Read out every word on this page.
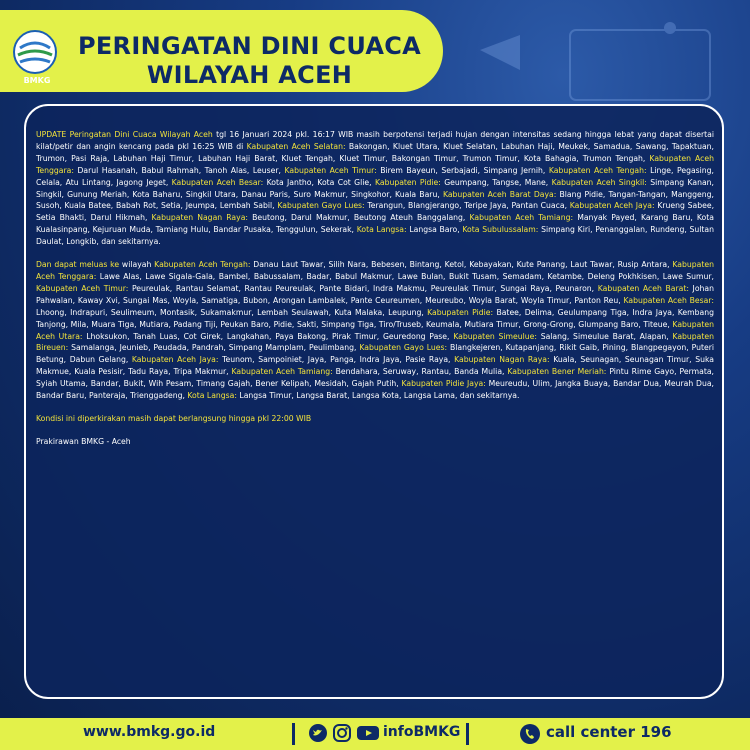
BMKG
PERINGATAN DINI CUACA
WILAYAH ACEH

UPDATE Peringatan Dini Cuaca Wilayah Aceh tgl 16 Januari 2024 pkl. 16:17 WIB masih berpotensi terjadi hujan dengan intensitas sedang hingga lebat yang dapat disertai kilat/petir dan angin kencang pada pkl 16:25 WIB di Kabupaten Aceh Selatan: Bakongan, Kluet Utara, Kluet Selatan, Labuhan Haji, Meukek, Samadua, Sawang, Tapaktuan, Trumon, Pasi Raja, Labuhan Haji Timur, Labuhan Haji Barat, Kluet Tengah, Kluet Timur, Bakongan Timur, Trumon Timur, Kota Bahagia, Trumon Tengah, Kabupaten Aceh Tenggara: Darul Hasanah, Babul Rahmah, Tanoh Alas, Leuser, Kabupaten Aceh Timur: Birem Bayeun, Serbajadi, Simpang Jernih, Kabupaten Aceh Tengah: Linge, Pegasing, Celala, Atu Lintang, Jagong Jeget, Kabupaten Aceh Besar: Kota Jantho, Kota Cot Glie, Kabupaten Pidie: Geumpang, Tangse, Mane, Kabupaten Aceh Singkil: Simpang Kanan, Singkil, Gunung Meriah, Kota Baharu, Singkil Utara, Danau Paris, Suro Makmur, Singkohor, Kuala Baru, Kabupaten Aceh Barat Daya: Blang Pidie, Tangan-Tangan, Manggeng, Susoh, Kuala Batee, Babah Rot, Setia, Jeumpa, Lembah Sabil, Kabupaten Gayo Lues: Terangun, Blangjerango, Teripe Jaya, Pantan Cuaca, Kabupaten Aceh Jaya: Krueng Sabee, Setia Bhakti, Darul Hikmah, Kabupaten Nagan Raya: Beutong, Darul Makmur, Beutong Ateuh Banggalang, Kabupaten Aceh Tamiang: Manyak Payed, Karang Baru, Kota Kualasinpang, Kejuruan Muda, Tamiang Hulu, Bandar Pusaka, Tenggulun, Sekerak, Kota Langsa: Langsa Baro, Kota Subulussalam: Simpang Kiri, Penanggalan, Rundeng, Sultan Daulat, Longkib, dan sekitarnya.

Dan dapat meluas ke wilayah Kabupaten Aceh Tengah: Danau Laut Tawar, Silih Nara, Bebesen, Bintang, Ketol, Kebayakan, Kute Panang, Laut Tawar, Rusip Antara, Kabupaten Aceh Tenggara: Lawe Alas, Lawe Sigala-Gala, Bambel, Babussalam, Badar, Babul Makmur, Lawe Bulan, Bukit Tusam, Semadam, Ketambe, Deleng Pokhkisen, Lawe Sumur, Kabupaten Aceh Timur: Peureulak, Rantau Selamat, Rantau Peureulak, Pante Bidari, Indra Makmu, Peureulak Timur, Sungai Raya, Peunaron, Kabupaten Aceh Barat: Johan Pahwalan, Kaway Xvi, Sungai Mas, Woyla, Samatiga, Bubon, Arongan Lambalek, Pante Ceureumen, Meureubo, Woyla Barat, Woyla Timur, Panton Reu, Kabupaten Aceh Besar: Lhoong, Indrapuri, Seulimeum, Montasik, Sukamakmur, Lembah Seulawah, Kuta Malaka, Leupung, Kabupaten Pidie: Batee, Delima, Geulumpang Tiga, Indra Jaya, Kembang Tanjong, Mila, Muara Tiga, Mutiara, Padang Tiji, Peukan Baro, Pidie, Sakti, Simpang Tiga, Tiro/Truseb, Keumala, Mutiara Timur, Grong-Grong, Glumpang Baro, Titeue, Kabupaten Aceh Utara: Lhoksukon, Tanah Luas, Cot Girek, Langkahan, Paya Bakong, Pirak Timur, Geuredong Pase, Kabupaten Simeulue: Salang, Simeulue Barat, Alapan, Kabupaten Bireuen: Samalanga, Jeunieb, Peudada, Pandrah, Simpang Mamplam, Peulimbang, Kabupaten Gayo Lues: Blangkejeren, Kutapanjang, Rikit Gaib, Pining, Blangpegayon, Puteri Betung, Dabun Gelang, Kabupaten Aceh Jaya: Teunom, Sampoiniet, Jaya, Panga, Indra Jaya, Pasie Raya, Kabupaten Nagan Raya: Kuala, Seunagan, Seunagan Timur, Suka Makmue, Kuala Pesisir, Tadu Raya, Tripa Makmur, Kabupaten Aceh Tamiang: Bendahara, Seruway, Rantau, Banda Mulia, Kabupaten Bener Meriah: Pintu Rime Gayo, Permata, Syiah Utama, Bandar, Bukit, Wih Pesam, Timang Gajah, Bener Kelipah, Mesidah, Gajah Putih, Kabupaten Pidie Jaya: Meureudu, Ulim, Jangka Buaya, Bandar Dua, Meurah Dua, Bandar Baru, Panteraja, Trienggadeng, Kota Langsa: Langsa Timur, Langsa Barat, Langsa Kota, Langsa Lama, dan sekitarnya.

Kondisi ini diperkirakan masih dapat berlangsung hingga pkl 22:00 WIB

Prakirawan BMKG - Aceh

www.bmkg.go.id	infoBMKG	call center 196
